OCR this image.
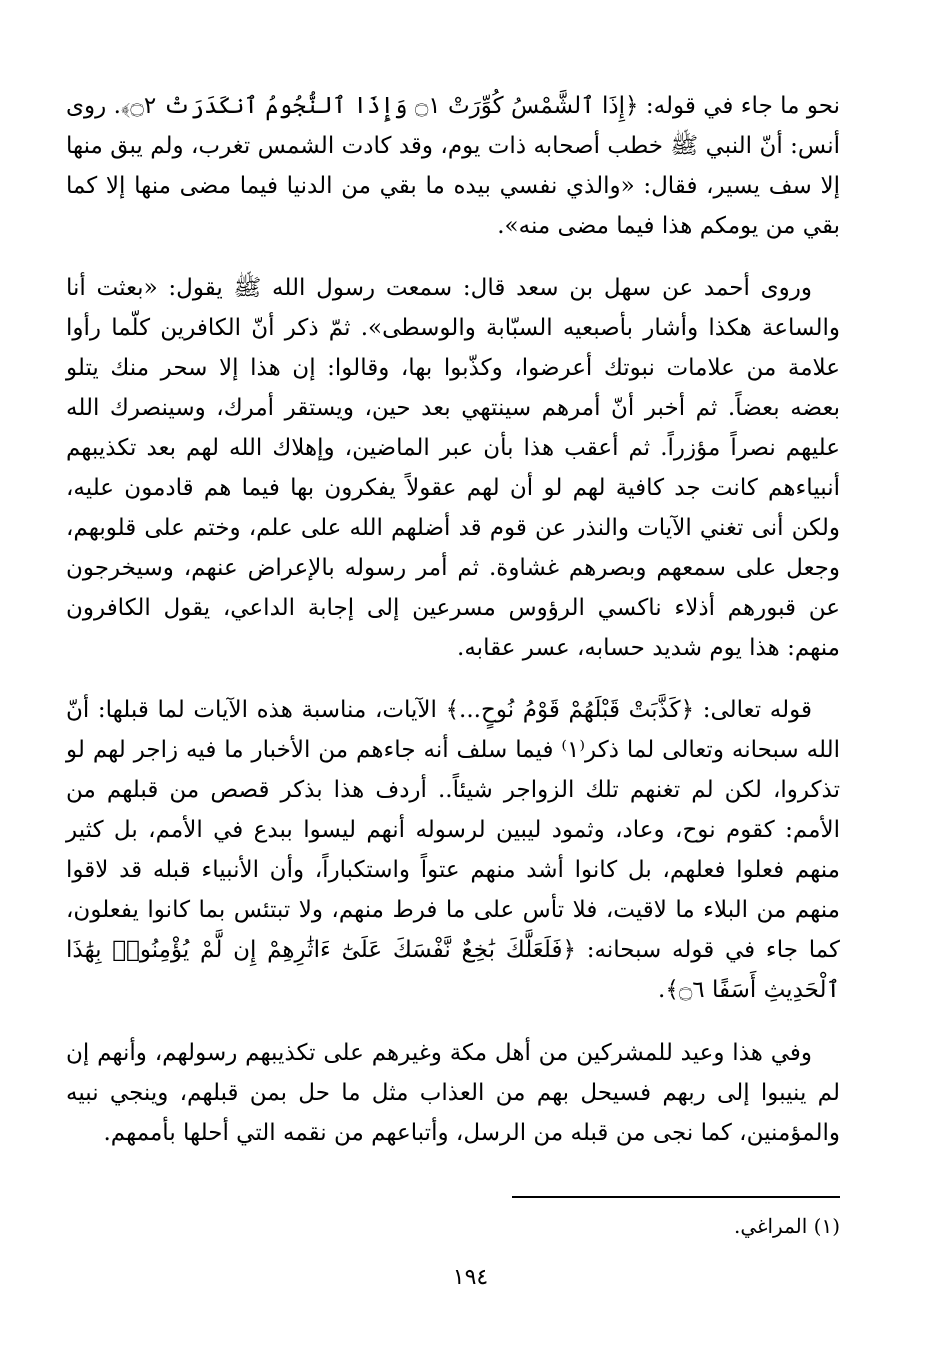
نحو ما جاء في قوله: ﴿إِذَا ٱلشَّمْسُ كُوِّرَتْ ۝١ وَإِذَا ٱلنُّجُومُ ٱنكَدَرَتْ ۝٢﴾. روى أنس: أنّ النبي ﷺ خطب أصحابه ذات يوم، وقد كادت الشمس تغرب، ولم يبق منها إلا سف يسير، فقال: «والذي نفسي بيده ما بقي من الدنيا فيما مضى منها إلا كما بقي من يومكم هذا فيما مضى منه».

وروى أحمد عن سهل بن سعد قال: سمعت رسول الله ﷺ يقول: «بعثت أنا والساعة هكذا وأشار بأصبعيه السبّابة والوسطى». ثمّ ذكر أنّ الكافرين كلّما رأوا علامة من علامات نبوتك أعرضوا، وكذّبوا بها، وقالوا: إن هذا إلا سحر منك يتلو بعضه بعضاً. ثم أخبر أنّ أمرهم سينتهي بعد حين، ويستقر أمرك، وسينصرك الله عليهم نصراً مؤزراً. ثم أعقب هذا بأن عبر الماضين، وإهلاك الله لهم بعد تكذيبهم أنبياءهم كانت جد كافية لهم لو أن لهم عقولاً يفكرون بها فيما هم قادمون عليه، ولكن أنى تغني الآيات والنذر عن قوم قد أضلهم الله على علم، وختم على قلوبهم، وجعل على سمعهم وبصرهم غشاوة. ثم أمر رسوله بالإعراض عنهم، وسيخرجون عن قبورهم أذلاء ناكسي الرؤوس مسرعين إلى إجابة الداعي، يقول الكافرون منهم: هذا يوم شديد حسابه، عسر عقابه.

قوله تعالى: ﴿كَذَّبَتْ قَبْلَهُمْ قَوْمُ نُوحٍ...﴾ الآيات، مناسبة هذه الآيات لما قبلها: أنّ الله سبحانه وتعالى لما ذكر⁽١⁾ فيما سلف أنه جاءهم من الأخبار ما فيه زاجر لهم لو تذكروا، لكن لم تغنهم تلك الزواجر شيئاً.. أردف هذا بذكر قصص من قبلهم من الأمم: كقوم نوح، وعاد، وثمود ليبين لرسوله أنهم ليسوا ببدع في الأمم، بل كثير منهم فعلوا فعلهم، بل كانوا أشد منهم عتواً واستكباراً، وأن الأنبياء قبله قد لاقوا منهم من البلاء ما لاقيت، فلا تأس على ما فرط منهم، ولا تبتئس بما كانوا يفعلون، كما جاء في قوله سبحانه: ﴿فَلَعَلَّكَ بَٰخِعٌ نَّفْسَكَ عَلَىٰٓ ءَاثَٰرِهِمْ إِن لَّمْ يُؤْمِنُوا۟ بِهَٰذَا ٱلْحَدِيثِ أَسَفًا ۝٦﴾.

وفي هذا وعيد للمشركين من أهل مكة وغيرهم على تكذيبهم رسولهم، وأنهم إن لم ينيبوا إلى ربهم فسيحل بهم من العذاب مثل ما حل بمن قبلهم، وينجي نبيه والمؤمنين، كما نجى من قبله من الرسل، وأتباعهم من نقمه التي أحلها بأممهم.

(١) المراغي.
١٩٤
